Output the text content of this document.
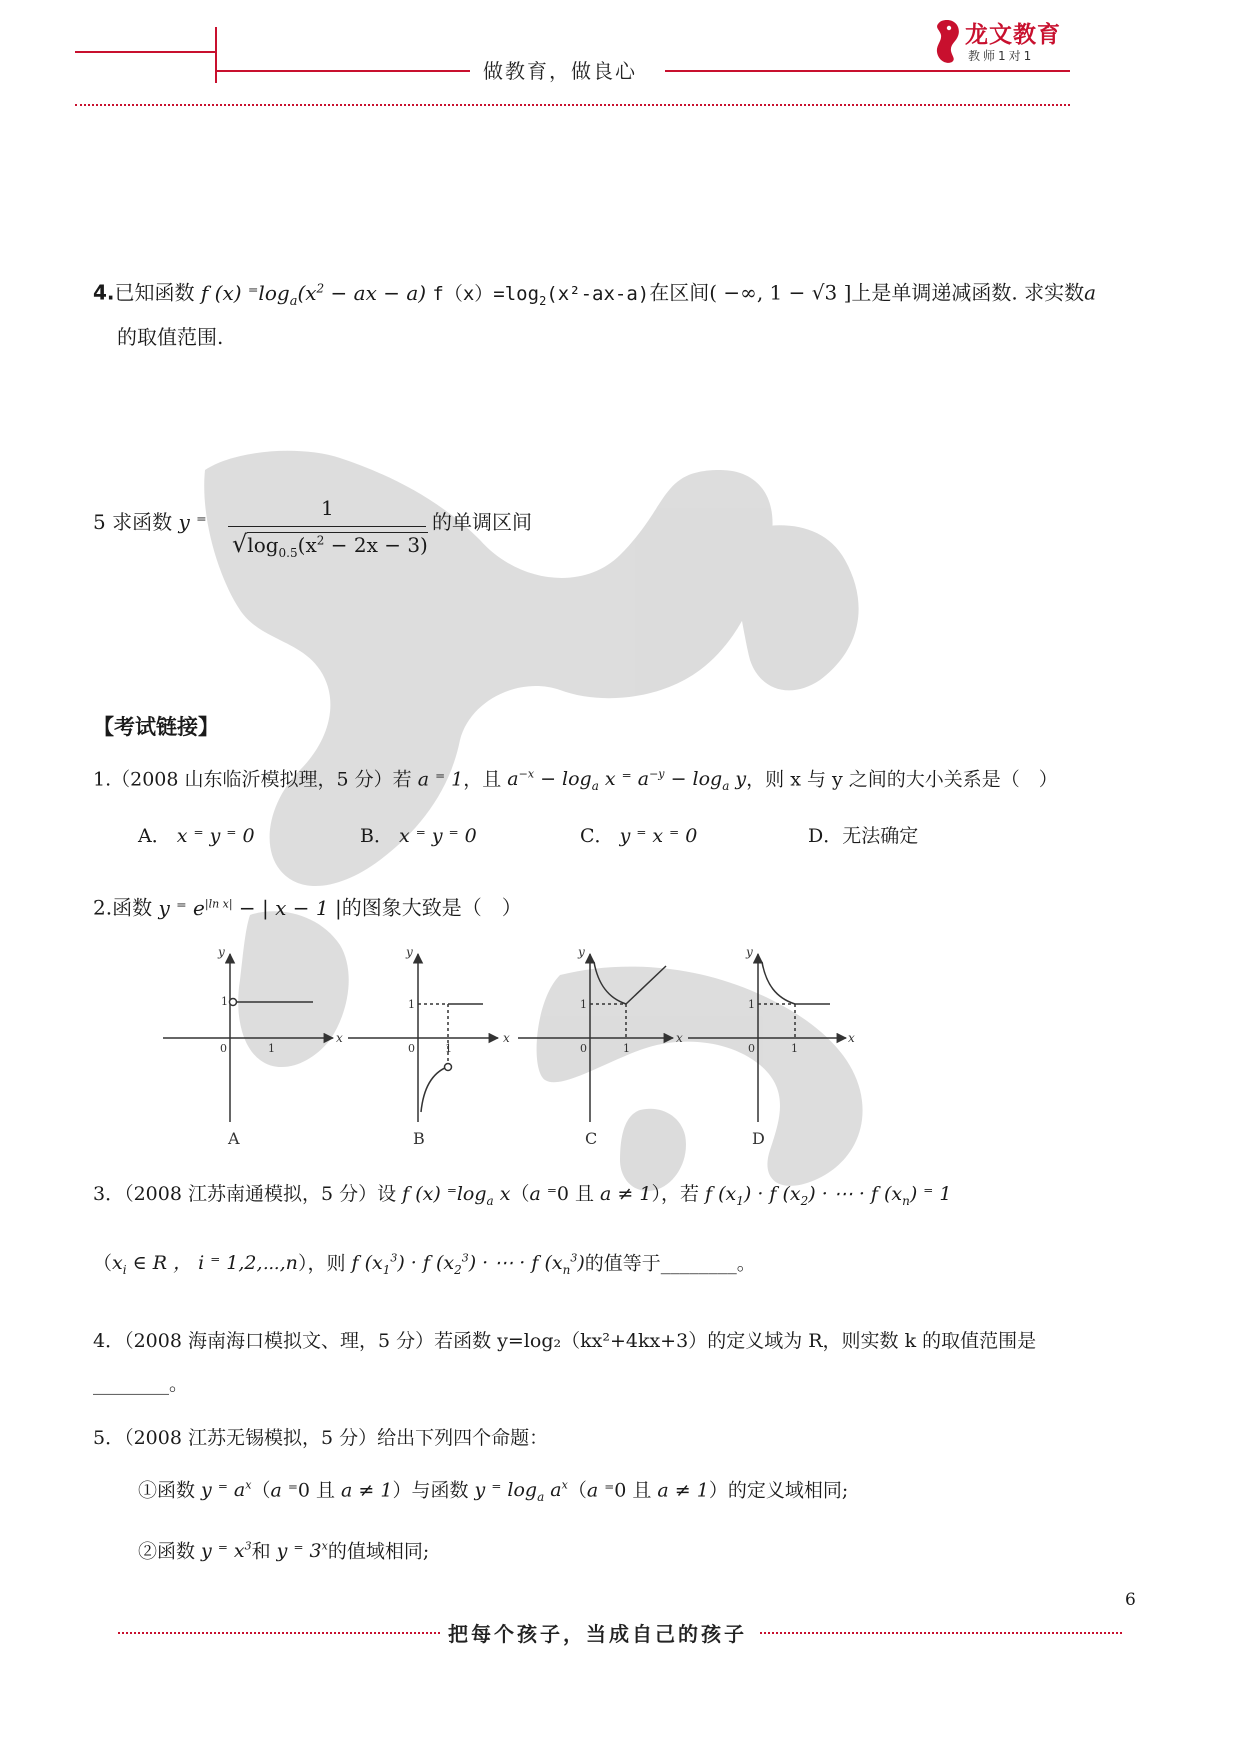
做教育，做良心
龙文教育
教师1对1
4.已知函数 f (x) $^=\log_a(x^2$ − ax − a) $f(x)=\log_2(x^2-ax-a)$在区间( −∞, 1 − √3 ]上是单调递减函数. 求实数a
的取值范围.
5 求函数 y ⁼
1
$√\log_{0.5}(x^2 - 2x - 3)$
的单调区间
【考试链接】
1.（2008 山东临沂模拟理，5 分）若 a ⁼ 1，且 $a^{-x} - \log_a x$ ⁼ $a^{-y} - \log_a y$，则 x 与 y 之间的大小关系是（　）
A． x ⁼ y ⁼ 0	B． x ⁼ y ⁼ 0	C． y ⁼ x ⁼ 0	D．无法确定
2.函数 y ⁼ $e^{|ln x|}$ − | x − 1 |的图象大致是（　）
y
x
0
1
1
A
y
x
0
1
1
B
y
x
0
1
1
C
y
x
0
1
1
D
3．（2008 江苏南通模拟，5 分）设 f (x) $^=\log_a$ x（a ⁼0 且 a ≠ 1），若 f $(x_1) \cdot f$ $(x_2)$ · ⋯ · f $(x_n)$ ⁼ 1
（$x_i$ ∈ R ， i ⁼ 1,2,⋯,n），则 f $(x_1^3) \cdot f$ $(x_2^3)$ · ⋯ · f $(x_n^3)$的值等于________。
4．（2008 海南海口模拟文、理，5 分）若函数 y=log₂（kx²+4kx+3）的定义域为 R，则实数 k 的取值范围是
________。
5．（2008 江苏无锡模拟，5 分）给出下列四个命题：
①函数 y ⁼ $a^x(a$ ⁼0 且 a ≠ 1）与函数 y ⁼ $\log_a a^x(a$ ⁼0 且 a ≠ 1）的定义域相同;
②函数 y ⁼ $x^3$和 y ⁼ 3$^x$的值域相同;
6
把每个孩子，当成自己的孩子
